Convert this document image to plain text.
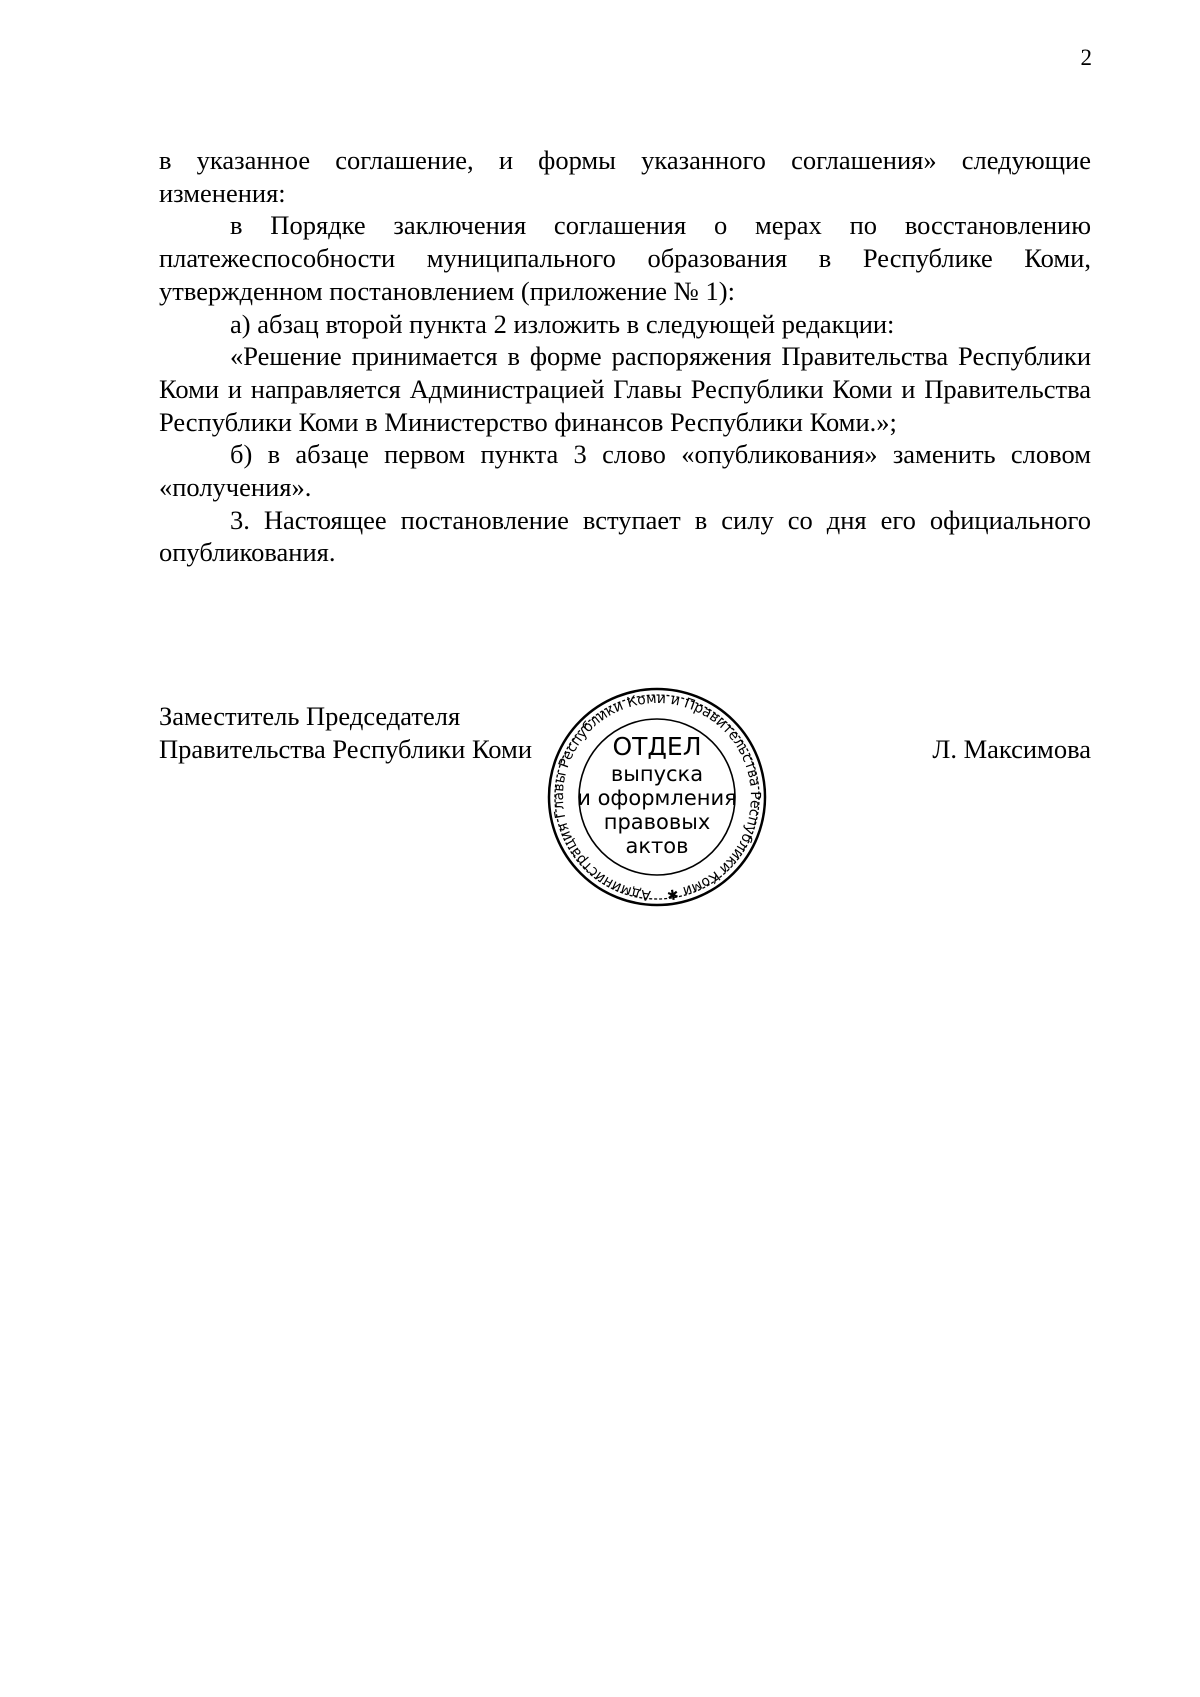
2

в указанное соглашение, и формы указанного соглашения» следующие изменения:

в Порядке заключения соглашения о мерах по восстановлению платежеспособности муниципального образования в Республике Коми, утвержденном постановлением (приложение № 1):

а) абзац второй пункта 2 изложить в следующей редакции:

«Решение принимается в форме распоряжения Правительства Республики Коми и направляется Администрацией Главы Республики Коми и Правительства Республики Коми в Министерство финансов Республики Коми.»;

б) в абзаце первом пункта 3 слово «опубликования» заменить словом «получения».

3. Настоящее постановление вступает в силу со дня его официального опубликования.

Заместитель Председателя
Правительства Республики Коми	Л. Максимова
Администрация Главы Республики Коми и Правительства Республики Коми ✱
ОТДЕЛ
выпуска
и оформления
правовых
актов
